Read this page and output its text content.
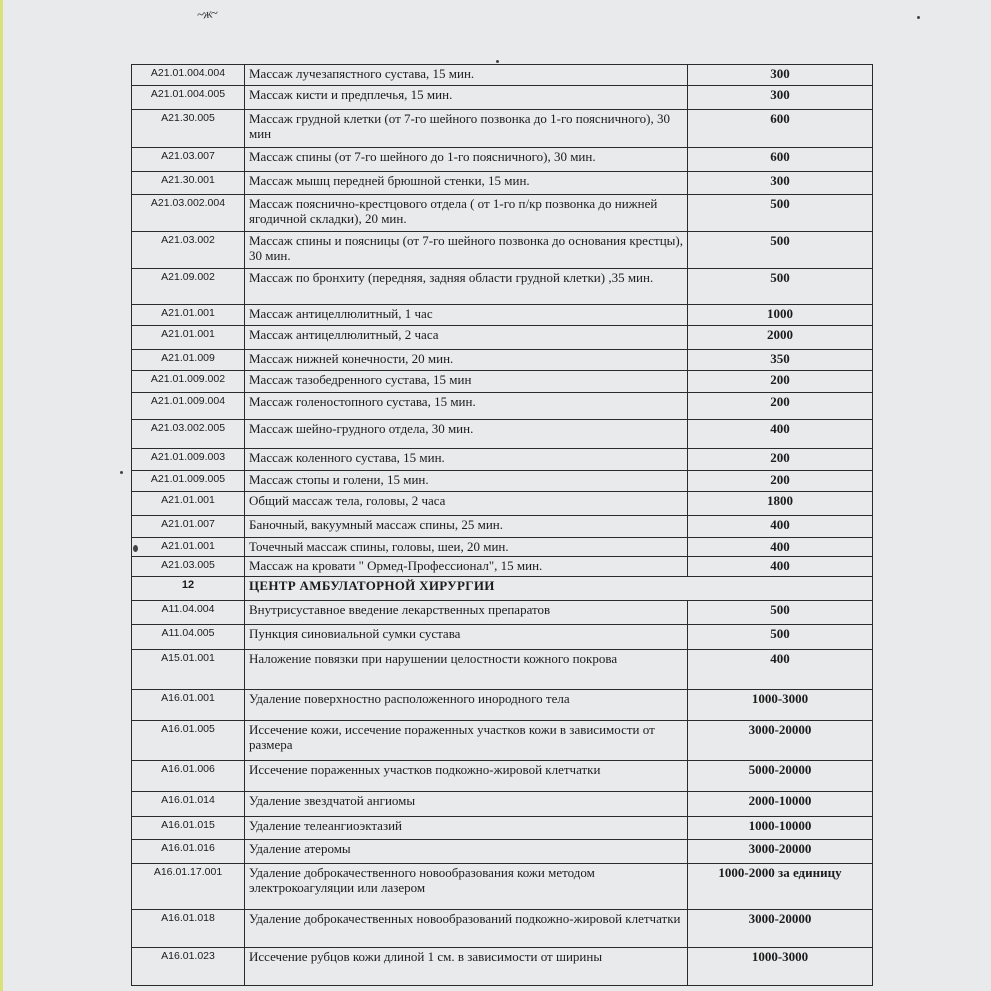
~ж~
A21.01.004.004	Массаж лучезапястного сустава, 15 мин.	300
A21.01.004.005	Массаж кисти и предплечья, 15 мин.	300
A21.30.005	Массаж грудной клетки (от 7-го шейного позвонка до 1-го поясничного), 30 мин	600
A21.03.007	Массаж спины (от 7-го шейного до 1-го поясничного), 30 мин.	600
A21.30.001	Массаж мышц передней брюшной стенки, 15 мин.	300
A21.03.002.004	Массаж пояснично-крестцового отдела ( от 1-го п/кр позвонка до нижней ягодичной складки), 20 мин.	500
A21.03.002	Массаж спины и поясницы (от 7-го шейного позвонка до основания крестцы), 30 мин.	500
A21.09.002	Массаж по бронхиту (передняя, задняя области грудной клетки) ,35 мин.	500
A21.01.001	Массаж антицеллюлитный, 1 час	1000
A21.01.001	Массаж антицеллюлитный, 2 часа	2000
A21.01.009	Массаж нижней конечности, 20 мин.	350
A21.01.009.002	Массаж тазобедренного сустава, 15 мин	200
A21.01.009.004	Массаж голеностопного сустава, 15 мин.	200
A21.03.002.005	Массаж шейно-грудного отдела, 30 мин.	400
A21.01.009.003	Массаж коленного сустава, 15 мин.	200
A21.01.009.005	Массаж стопы и голени, 15 мин.	200
A21.01.001	Общий массаж тела, головы, 2 часа	1800
A21.01.007	Баночный, вакуумный массаж спины, 25 мин.	400
A21.01.001	Точечный массаж спины, головы, шеи, 20 мин.	400
A21.03.005	Массаж на кровати " Ормед-Профессионал", 15 мин.	400
12	ЦЕНТР АМБУЛАТОРНОЙ ХИРУРГИИ	
A11.04.004	Внутрисуставное введение лекарственных препаратов	500
A11.04.005	Пункция синовиальной сумки сустава	500
A15.01.001	Наложение повязки при нарушении целостности кожного покрова	400
A16.01.001	Удаление поверхностно расположенного инородного тела	1000-3000
A16.01.005	Иссечение кожи, иссечение пораженных участков кожи в зависимости от размера	3000-20000
A16.01.006	Иссечение пораженных участков подкожно-жировой клетчатки	5000-20000
A16.01.014	Удаление звездчатой ангиомы	2000-10000
A16.01.015	Удаление телеангиоэктазий	1000-10000
A16.01.016	Удаление атеромы	3000-20000
A16.01.17.001	Удаление доброкачественного новообразования кожи методом электрокоагуляции или лазером	1000-2000 за единицу
A16.01.018	Удаление доброкачественных новообразований подкожно-жировой клетчатки	3000-20000
A16.01.023	Иссечение рубцов кожи длиной 1 см. в зависимости от ширины	1000-3000
